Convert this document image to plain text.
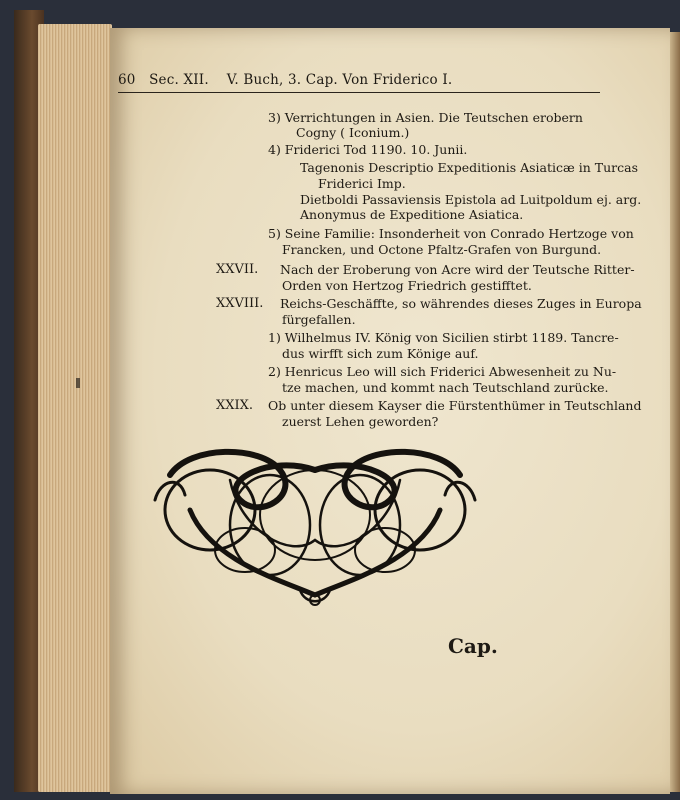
60 Sec. XII. V. Buch, 3. Cap. Von Friderico I.
3) Verrichtungen in Asien. Die Teutschen erobern
Cogny ( Iconium.)
4) Friderici Tod 1190. 10. Junii.
Tagenonis Descriptio Expeditionis Asiaticæ in Turcas
Friderici Imp.
Dietboldi Passaviensis Epistola ad Luitpoldum ej. arg.
Anonymus de Expeditione Asiatica.
5) Seine Familie: Insonderheit von Conrado Hertzoge von
Francken, und Octone Pfaltz-Grafen von Burgund.
XXVII. Nach der Eroberung von Acre wird der Teutsche Ritter-
Orden von Hertzog Friedrich gestifftet.
XXVIII. Reichs-Geschäffte, so währendes dieses Zuges in Europa
fürgefallen.
1) Wilhelmus IV. König von Sicilien stirbt 1189. Tancre-
dus wirfft sich zum Könige auf.
2) Henricus Leo will sich Friderici Abwesenheit zu Nu-
tze machen, und kommt nach Teutschland zurücke.
XXIX. Ob unter diesem Kayser die Fürstenthümer in Teutschland
zuerst Lehen geworden?
Cap.
